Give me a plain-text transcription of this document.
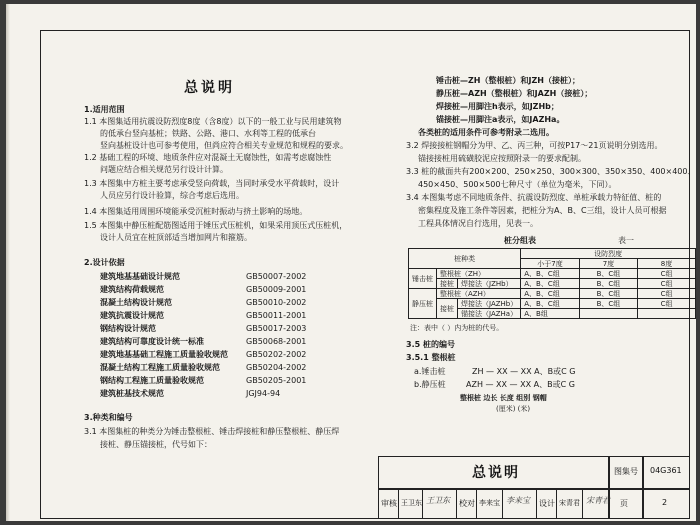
总说明
1.适用范围
1.1 本图集适用抗震设防烈度8度（含8度）以下的一般工业与民用建筑物
的低承台竖向基桩；铁路、公路、港口、水利等工程的低承台
竖向基桩设计也可参考使用，但尚应符合相关专业规范和规程的要求。
1.2 基础工程的环境、地质条件应对混凝土无腐蚀性，如需考虑腐蚀性
问题应结合相关规范另行设计计算。
1.3 本图集中方桩主要考虑承受竖向荷载，当同时承受水平荷载时，设计
人员应另行设计验算，综合考虑后选用。
1.4 本图集适用周围环境能承受沉桩时振动与挤土影响的场地。
1.5 本图集中静压桩配筋图适用于锤压式压桩机，如果采用顶压式压桩机，
设计人员宜在桩顶部适当增加网片和箍筋。
2.设计依据
建筑地基基础设计规范	GB50007-2002
建筑结构荷载规范	GB50009-2001
混凝土结构设计规范	GB50010-2002
建筑抗震设计规范	GB50011-2001
钢结构设计规范	GB50017-2003
建筑结构可靠度设计统一标准	GB50068-2001
建筑地基基础工程施工质量验收规范 GB50202-2002
混凝土结构工程施工质量验收规范	GB50204-2002
钢结构工程施工质量验收规范	GB50205-2001
建筑桩基技术规范	JGJ94-94
3.种类和编号
3.1 本图集桩的种类分为锤击整根桩、锤击焊接桩和静压整根桩、静压焊
接桩、静压锚接桩，代号如下：
锤击桩—ZH（整根桩）和JZH（接桩）；
静压桩—AZH（整根桩）和JAZH（接桩）；
焊接桩—用脚注h表示，如JZHb；
锚接桩—用脚注a表示，如JAZHa。
各类桩的适用条件可参考附录二选用。
3.2 焊接接桩钢帽分为甲、乙、丙三种，可按P17～21页说明分别选用。
锚接接桩用硫磺胶泥应按照附录一的要求配制。
3.3 桩的截面共有200×200、250×250、300×300、350×350、400×400、
450×450、500×500七种尺寸（单位为毫米，下同）。
3.4 本图集考虑不同地质条件、抗震设防烈度、单桩承载力特征值、桩的
密集程度及施工条件等因素，把桩分为A、B、C三组，设计人员可根据
工程具体情况自行选用，见表一。
桩分组表	表一
桩种类			设防烈度		
			小于7度	7度	8度
锤击桩	整根桩（ZH）		A、B、C组	B、C组	C组
	接桩	焊接法（JZHb）	A、B、C组	B、C组	C组
静压桩	整根桩（AZH）		A、B、C组	B、C组	C组
	接桩	焊接法（JAZHb）	A、B、C组	B、C组	C组
		锚接法（JAZHa）	A、B组		
注：表中（ ）内为桩的代号。
3.5 桩的编号
3.5.1 整根桩
a.锤击桩	ZH — XX — XX A、B或C G
b.静压桩	AZH — XX — XX A、B或C G
整根桩 边长 长度 组别 钢帽
(厘米) (米)
总说明	图集号 04G361
审核 王卫东 王卫东 校对 李来宝 李来宝 设计 宋青君 宋青君 页	2
